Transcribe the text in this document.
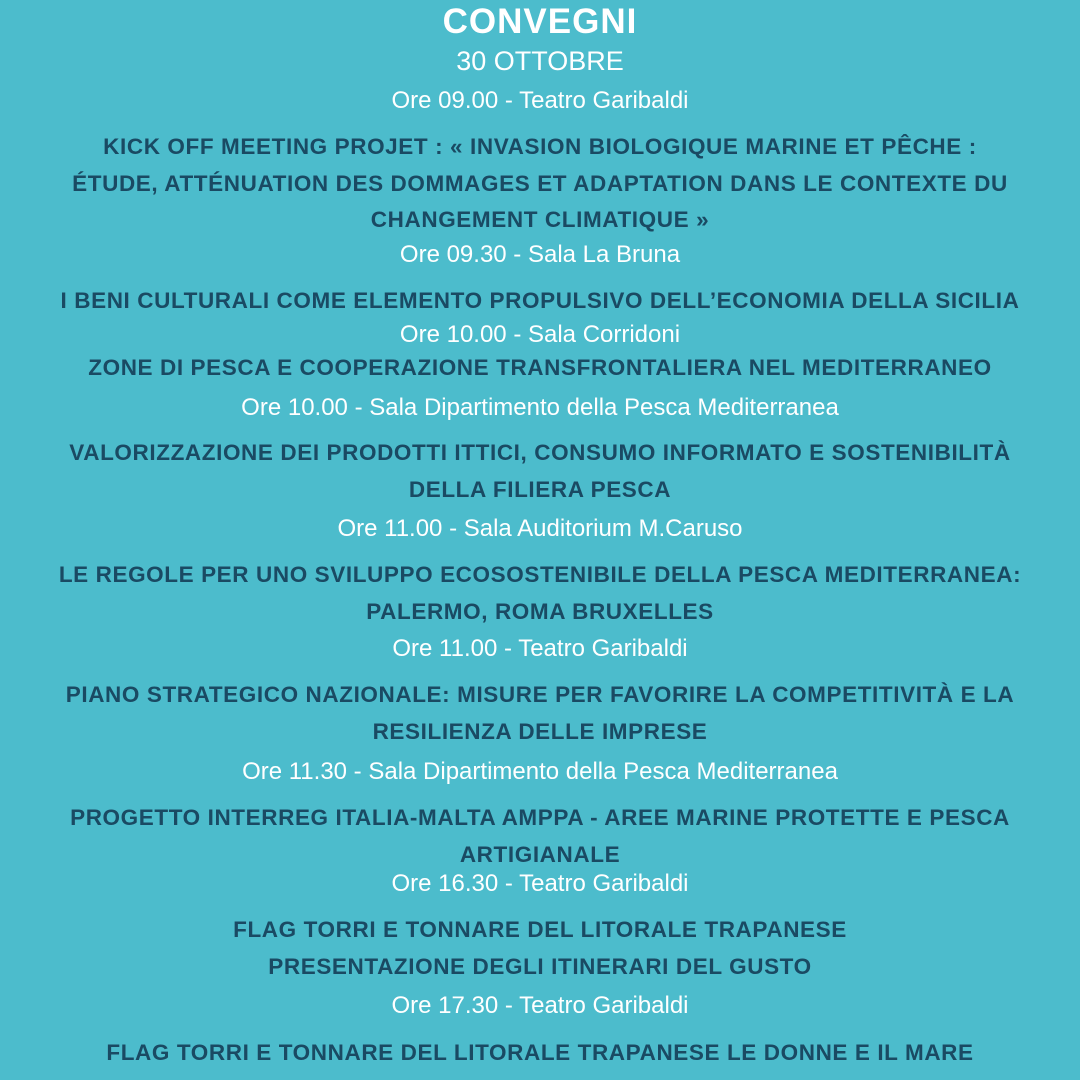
CONVEGNI
30 OTTOBRE
Ore 09.00 - Teatro Garibaldi
KICK OFF MEETING PROJET : « INVASION BIOLOGIQUE MARINE ET PÊCHE :
ÉTUDE, ATTÉNUATION DES DOMMAGES ET ADAPTATION DANS LE CONTEXTE DU
CHANGEMENT CLIMATIQUE »
Ore 09.30 - Sala La Bruna
I BENI CULTURALI COME ELEMENTO PROPULSIVO DELL’ECONOMIA DELLA SICILIA
Ore 10.00 - Sala Corridoni
ZONE DI PESCA E COOPERAZIONE TRANSFRONTALIERA NEL MEDITERRANEO
Ore 10.00 - Sala Dipartimento della Pesca Mediterranea
VALORIZZAZIONE DEI PRODOTTI ITTICI, CONSUMO INFORMATO E SOSTENIBILITÀ
DELLA FILIERA PESCA
Ore 11.00 - Sala Auditorium M.Caruso
LE REGOLE PER UNO SVILUPPO ECOSOSTENIBILE DELLA PESCA MEDITERRANEA:
PALERMO, ROMA BRUXELLES
Ore 11.00 - Teatro Garibaldi
PIANO STRATEGICO NAZIONALE: MISURE PER FAVORIRE LA COMPETITIVITÀ E LA
RESILIENZA DELLE IMPRESE
Ore 11.30 - Sala Dipartimento della Pesca Mediterranea
PROGETTO INTERREG ITALIA-MALTA AMPPA - AREE MARINE PROTETTE E PESCA
ARTIGIANALE
Ore 16.30 - Teatro Garibaldi
FLAG TORRI E TONNARE DEL LITORALE TRAPANESE
PRESENTAZIONE DEGLI ITINERARI DEL GUSTO
Ore 17.30 - Teatro Garibaldi
FLAG TORRI E TONNARE DEL LITORALE TRAPANESE LE DONNE E IL MARE
